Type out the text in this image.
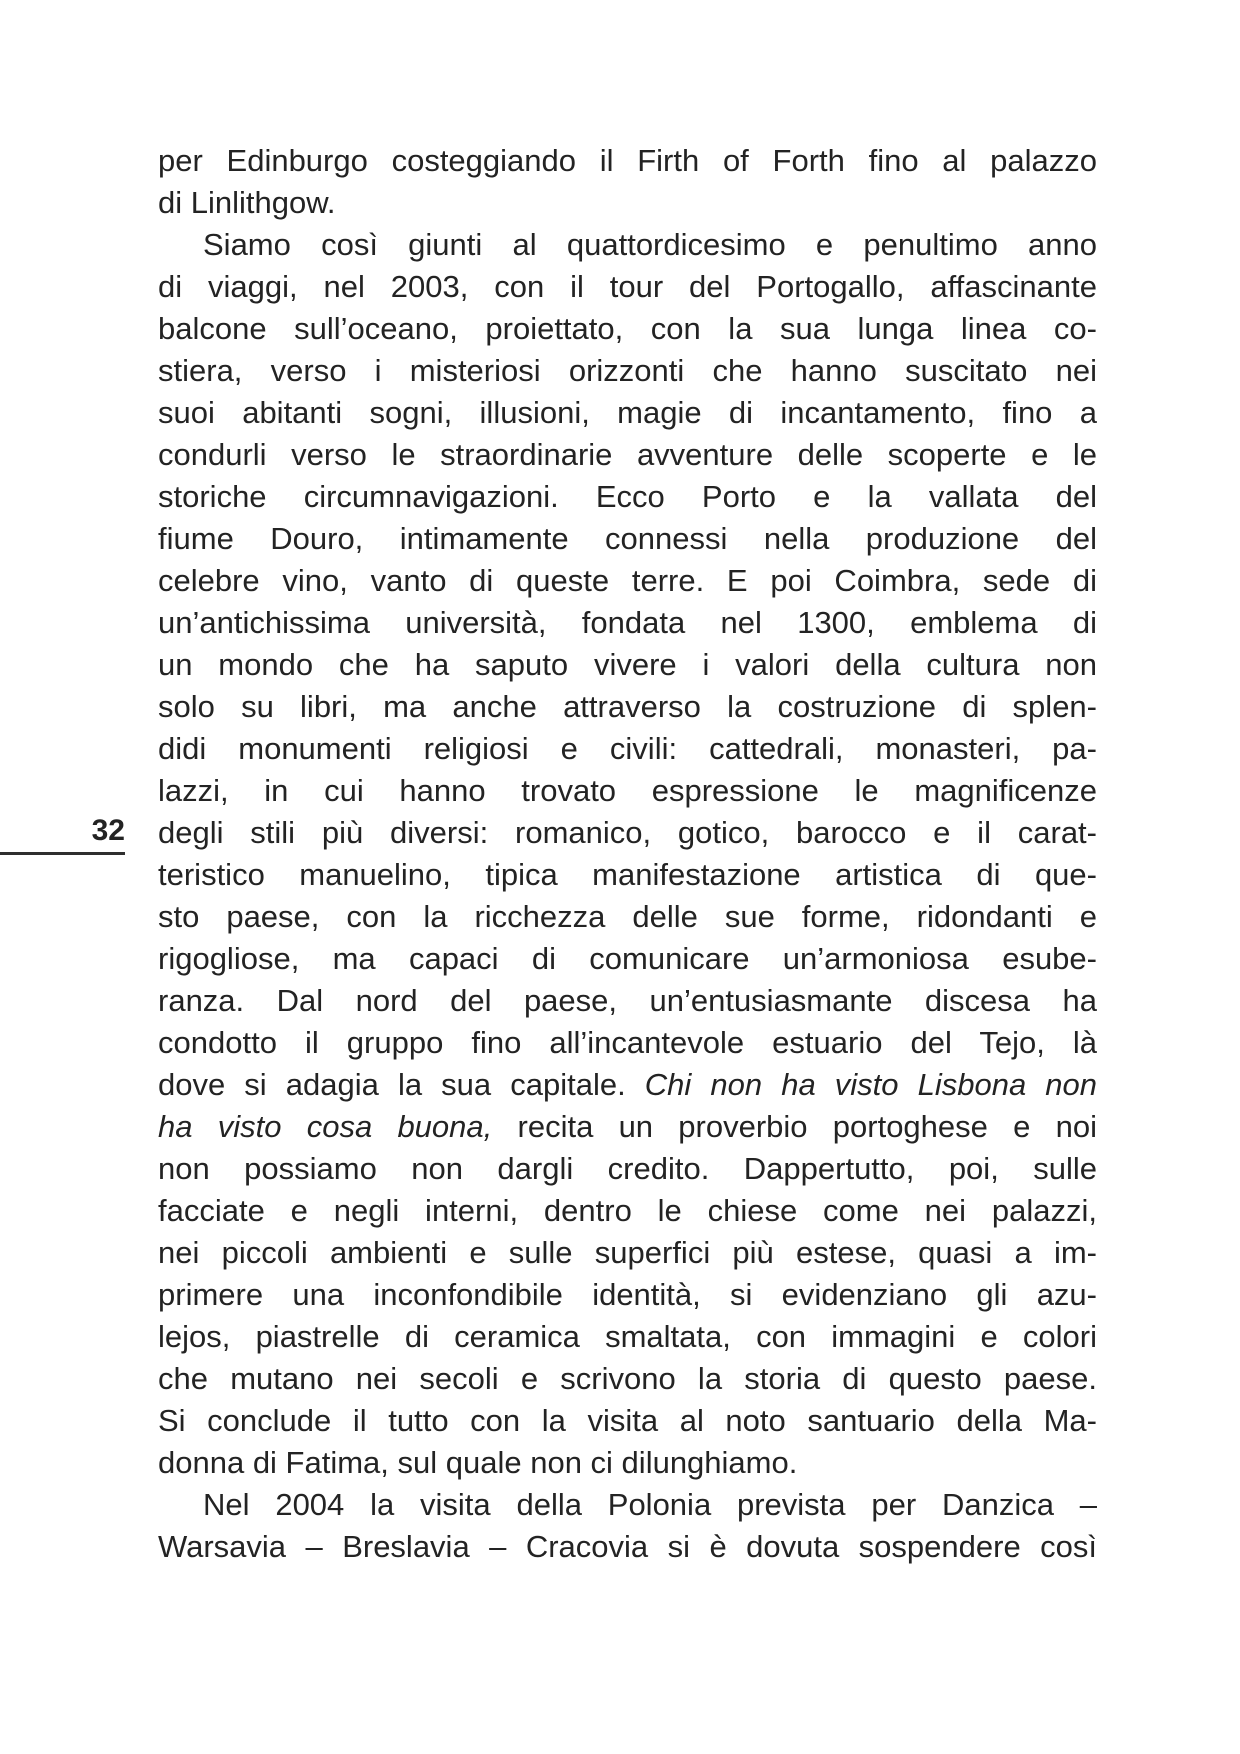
32
per Edinburgo costeggiando il Firth of Forth fino al palazzo
di Linlithgow.
Siamo così giunti al quattordicesimo e penultimo anno
di viaggi, nel 2003, con il tour del Portogallo, affascinante
balcone sull’oceano, proiettato, con la sua lunga linea co-
stiera, verso i misteriosi orizzonti che hanno suscitato nei
suoi abitanti sogni, illusioni, magie di incantamento, fino a
condurli verso le straordinarie avventure delle scoperte e le
storiche circumnavigazioni. Ecco Porto e la vallata del
fiume Douro, intimamente connessi nella produzione del
celebre vino, vanto di queste terre. E poi Coimbra, sede di
un’antichissima università, fondata nel 1300, emblema di
un mondo che ha saputo vivere i valori della cultura non
solo su libri, ma anche attraverso la costruzione di splen-
didi monumenti religiosi e civili: cattedrali, monasteri, pa-
lazzi, in cui hanno trovato espressione le magnificenze
degli stili più diversi: romanico, gotico, barocco e il carat-
teristico manuelino, tipica manifestazione artistica di que-
sto paese, con la ricchezza delle sue forme, ridondanti e
rigogliose, ma capaci di comunicare un’armoniosa esube-
ranza. Dal nord del paese, un’entusiasmante discesa ha
condotto il gruppo fino all’incantevole estuario del Tejo, là
dove si adagia la sua capitale. Chi non ha visto Lisbona non
ha visto cosa buona, recita un proverbio portoghese e noi
non possiamo non dargli credito. Dappertutto, poi, sulle
facciate e negli interni, dentro le chiese come nei palazzi,
nei piccoli ambienti e sulle superfici più estese, quasi a im-
primere una inconfondibile identità, si evidenziano gli azu-
lejos, piastrelle di ceramica smaltata, con immagini e colori
che mutano nei secoli e scrivono la storia di questo paese.
Si conclude il tutto con la visita al noto santuario della Ma-
donna di Fatima, sul quale non ci dilunghiamo.
Nel 2004 la visita della Polonia prevista per Danzica –
Warsavia – Breslavia – Cracovia si è dovuta sospendere così
